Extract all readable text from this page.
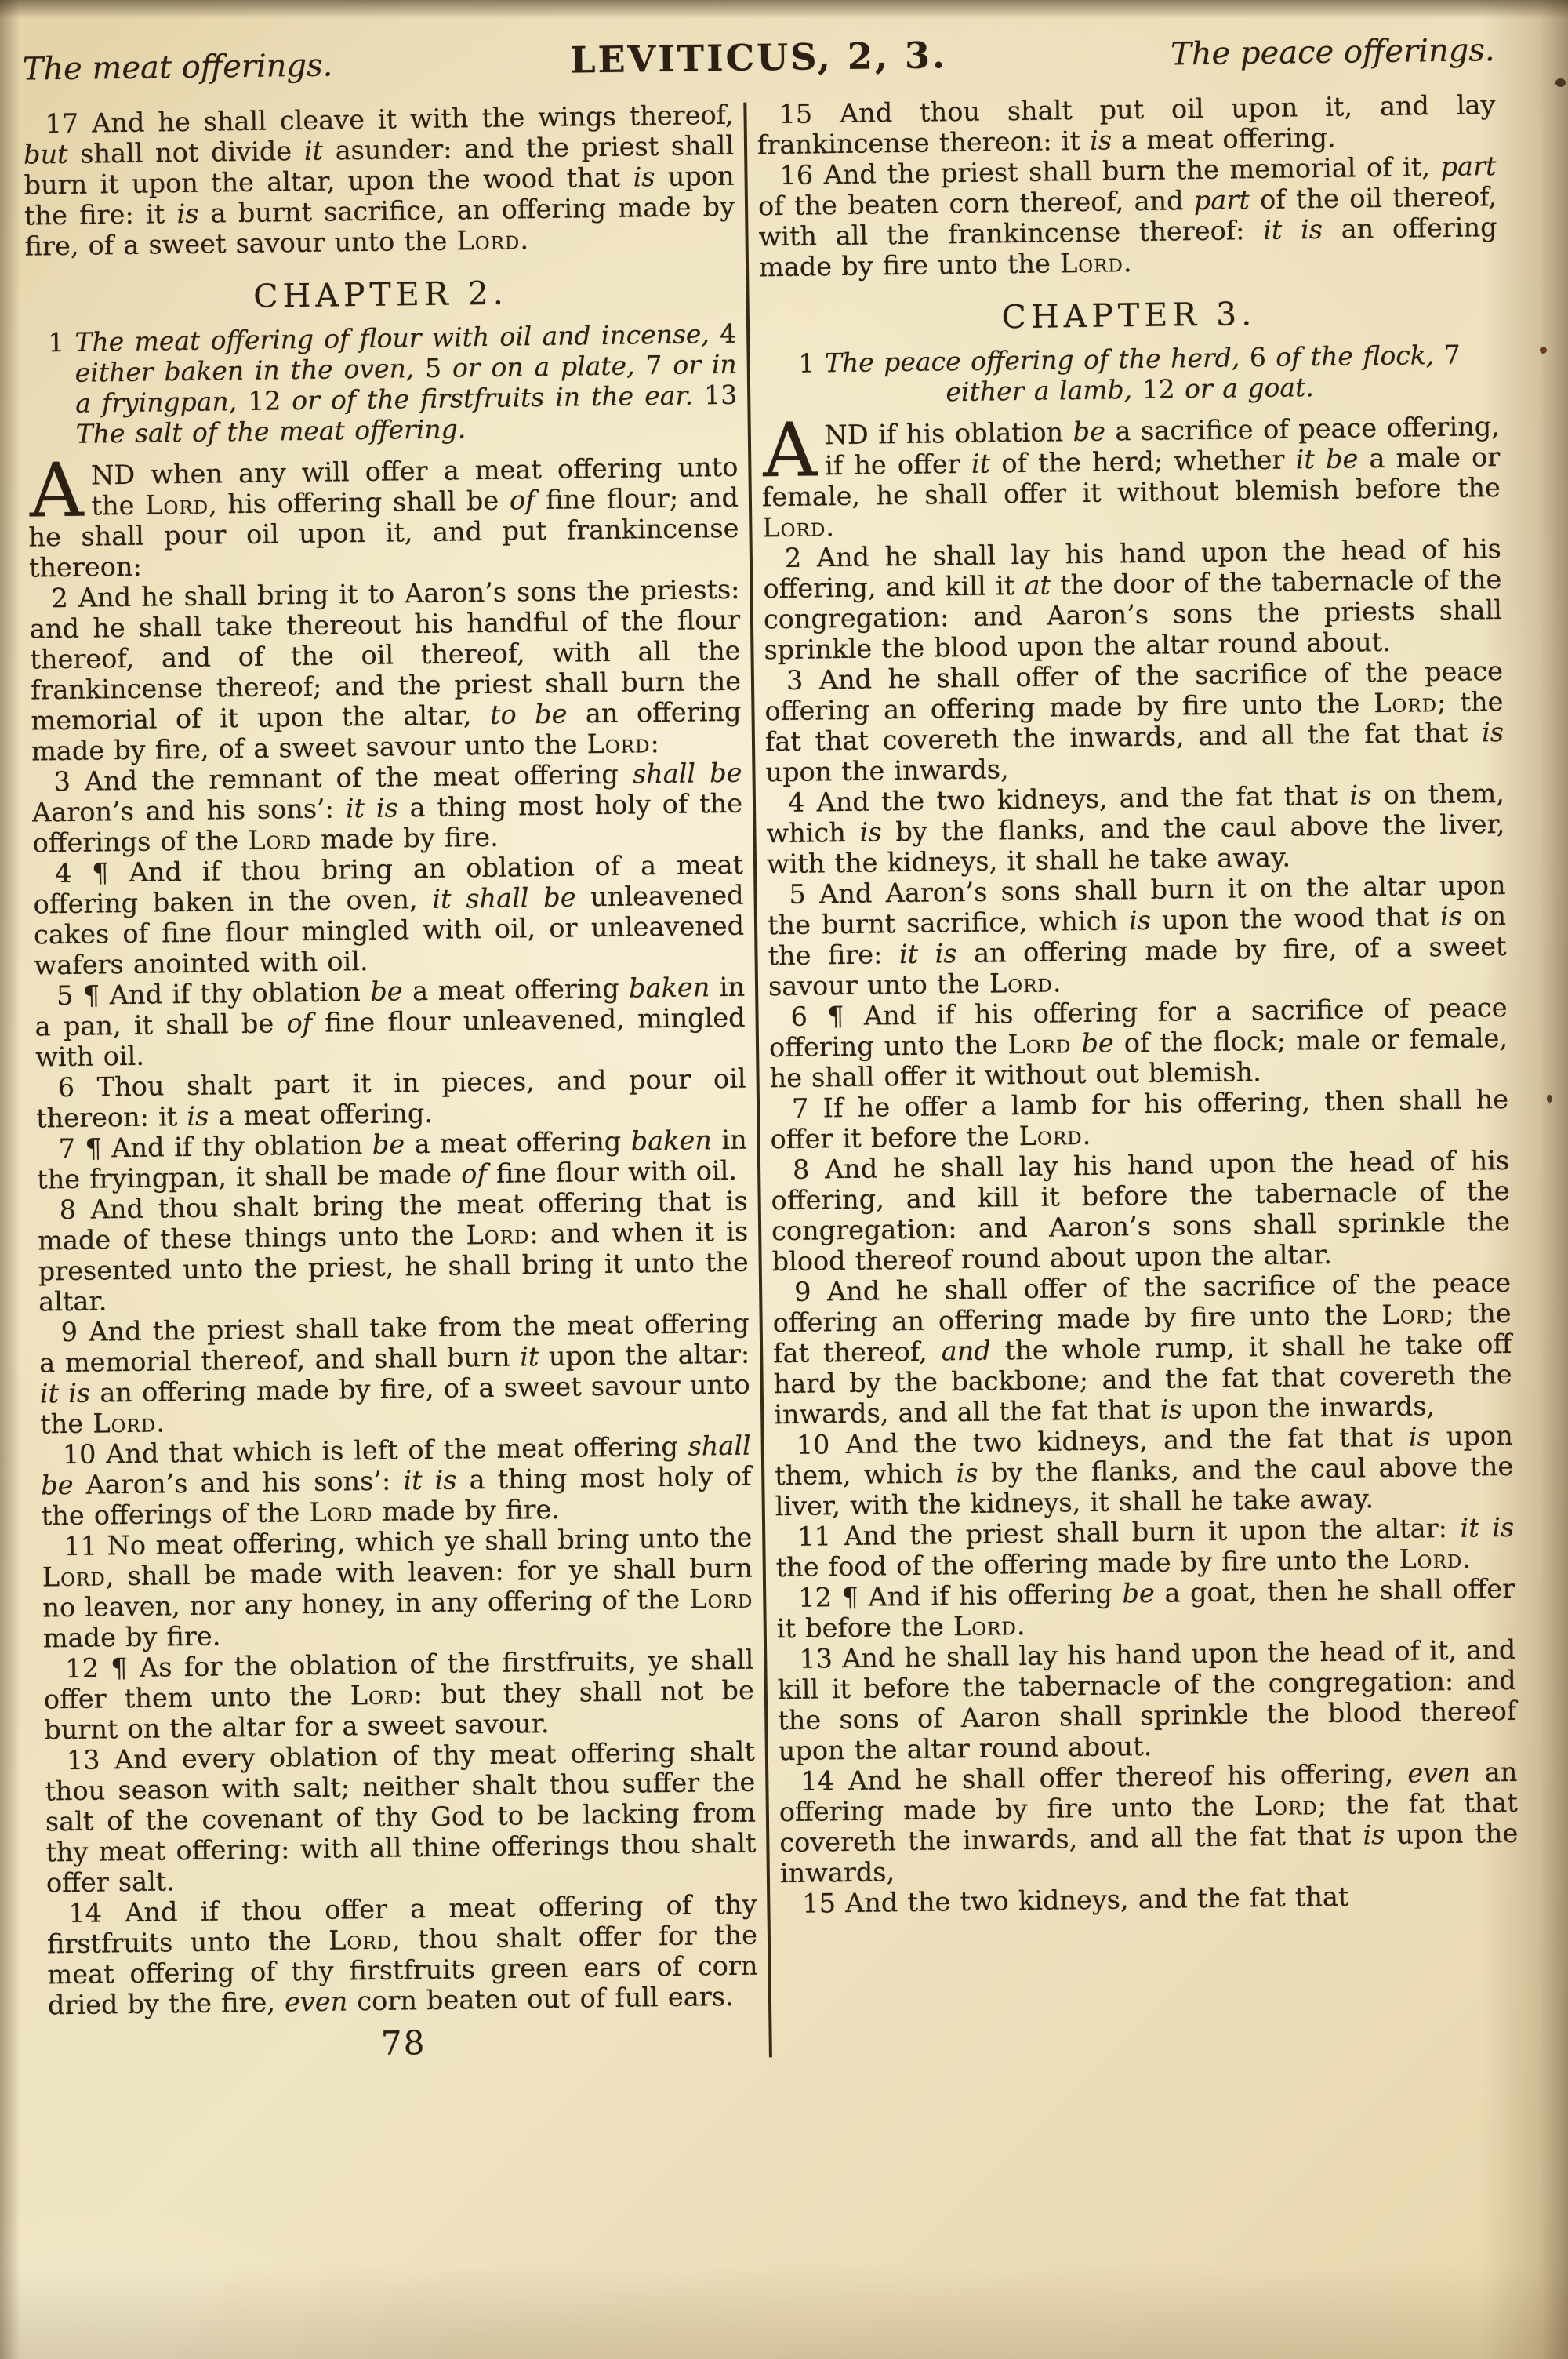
The meat offerings.	LEVITICUS, 2, 3.	The peace offerings.

17 And he shall cleave it with the wings thereof, but shall not divide it asunder: and the priest shall burn it upon the altar, upon the wood that is upon the fire: it is a burnt sacrifice, an offering made by fire, of a sweet savour unto the Lord.

CHAPTER 2.

1 The meat offering of flour with oil and incense, 4 either baken in the oven, 5 or on a plate, 7 or in a fryingpan, 12 or of the firstfruits in the ear. 13 The salt of the meat offering.

AND when any will offer a meat offering unto the Lord, his offering shall be of fine flour; and he shall pour oil upon it, and put frankincense thereon:

2 And he shall bring it to Aaron’s sons the priests: and he shall take thereout his handful of the flour thereof, and of the oil thereof, with all the frankincense thereof; and the priest shall burn the memorial of it upon the altar, to be an offering made by fire, of a sweet savour unto the Lord:

3 And the remnant of the meat offering shall be Aaron’s and his sons’: it is a thing most holy of the offerings of the Lord made by fire.

4 ¶ And if thou bring an oblation of a meat offering baken in the oven, it shall be unleavened cakes of fine flour mingled with oil, or unleavened wafers anointed with oil.

5 ¶ And if thy oblation be a meat offering baken in a pan, it shall be of fine flour unleavened, mingled with oil.

6 Thou shalt part it in pieces, and pour oil thereon: it is a meat offering.

7 ¶ And if thy oblation be a meat offering baken in the fryingpan, it shall be made of fine flour with oil.

8 And thou shalt bring the meat offering that is made of these things unto the Lord: and when it is presented unto the priest, he shall bring it unto the altar.

9 And the priest shall take from the meat offering a memorial thereof, and shall burn it upon the altar: it is an offering made by fire, of a sweet savour unto the Lord.

10 And that which is left of the meat offering shall be Aaron’s and his sons’: it is a thing most holy of the offerings of the Lord made by fire.

11 No meat offering, which ye shall bring unto the Lord, shall be made with leaven: for ye shall burn no leaven, nor any honey, in any offering of the Lord made by fire.

12 ¶ As for the oblation of the firstfruits, ye shall offer them unto the Lord: but they shall not be burnt on the altar for a sweet savour.

13 And every oblation of thy meat offering shalt thou season with salt; neither shalt thou suffer the salt of the covenant of thy God to be lacking from thy meat offering: with all thine offerings thou shalt offer salt.

14 And if thou offer a meat offering of thy firstfruits unto the Lord, thou shalt offer for the meat offering of thy firstfruits green ears of corn dried by the fire, even corn beaten out of full ears.

78

15 And thou shalt put oil upon it, and lay frankincense thereon: it is a meat offering.

16 And the priest shall burn the memorial of it, part of the beaten corn thereof, and part of the oil thereof, with all the frankincense thereof: it is an offering made by fire unto the Lord.

CHAPTER 3.

1 The peace offering of the herd, 6 of the flock, 7 either a lamb, 12 or a goat.

AND if his oblation be a sacrifice of peace offering, if he offer it of the herd; whether it be a male or female, he shall offer it without blemish before the Lord.

2 And he shall lay his hand upon the head of his offering, and kill it at the door of the tabernacle of the congregation: and Aaron’s sons the priests shall sprinkle the blood upon the altar round about.

3 And he shall offer of the sacrifice of the peace offering an offering made by fire unto the Lord; the fat that covereth the inwards, and all the fat that is upon the inwards,

4 And the two kidneys, and the fat that is on them, which is by the flanks, and the caul above the liver, with the kidneys, it shall he take away.

5 And Aaron’s sons shall burn it on the altar upon the burnt sacrifice, which is upon the wood that is on the fire: it is an offering made by fire, of a sweet savour unto the Lord.

6 ¶ And if his offering for a sacrifice of peace offering unto the Lord be of the flock; male or female, he shall offer it without out blemish.

7 If he offer a lamb for his offering, then shall he offer it before the Lord.

8 And he shall lay his hand upon the head of his offering, and kill it before the tabernacle of the congregation: and Aaron’s sons shall sprinkle the blood thereof round about upon the altar.

9 And he shall offer of the sacrifice of the peace offering an offering made by fire unto the Lord; the fat thereof, and the whole rump, it shall he take off hard by the backbone; and the fat that covereth the inwards, and all the fat that is upon the inwards,

10 And the two kidneys, and the fat that is upon them, which is by the flanks, and the caul above the liver, with the kidneys, it shall he take away.

11 And the priest shall burn it upon the altar: it is the food of the offering made by fire unto the Lord.

12 ¶ And if his offering be a goat, then he shall offer it before the Lord.

13 And he shall lay his hand upon the head of it, and kill it before the tabernacle of the congregation: and the sons of Aaron shall sprinkle the blood thereof upon the altar round about.

14 And he shall offer thereof his offering, even an offering made by fire unto the Lord; the fat that covereth the inwards, and all the fat that is upon the inwards,

15 And the two kidneys, and the fat that
